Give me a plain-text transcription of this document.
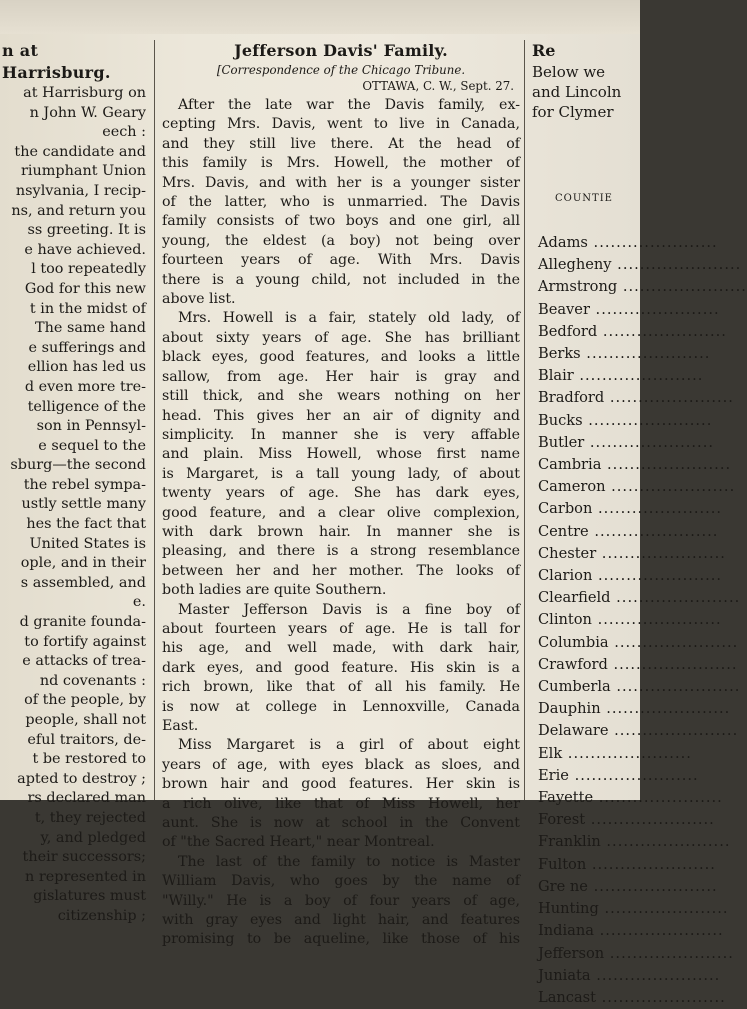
n at Harrisburg.
at Harrisburg on
n John W. Geary
eech :
the candidate and
riumphant Union
nsylvania, I recip-
ns, and return you
ss greeting. It is
e have achieved.
l too repeatedly
God for this new
t in the midst of
The same hand
e sufferings and
ellion has led us
d even more tre-
telligence of the
son in Pennsyl-
e sequel to the
sburg—the second
the rebel sympa-
ustly settle many
hes the fact that
United States is
ople, and in their
s assembled, and
e.
d granite founda-
to fortify against
e attacks of trea-
nd covenants :
of the people, by
people, shall not
eful traitors, de-
t be restored to
apted to destroy ;
rs declared man
t, they rejected
y, and pledged
their successors;
n represented in
gislatures must
citizenship ;
Jefferson Davis' Family.
[Correspondence of the Chicago Tribune.
OTTAWA, C. W., Sept. 27.
After the late war the Davis family, ex-
cepting Mrs. Davis, went to live in Canada,
and they still live there. At the head of
this family is Mrs. Howell, the mother of
Mrs. Davis, and with her is a younger sister
of the latter, who is unmarried. The Davis
family consists of two boys and one girl, all
young, the eldest (a boy) not being over
fourteen years of age. With Mrs. Davis
there is a young child, not included in the
above list.
Mrs. Howell is a fair, stately old lady, of
about sixty years of age. She has brilliant
black eyes, good features, and looks a little
sallow, from age. Her hair is gray and
still thick, and she wears nothing on her
head. This gives her an air of dignity and
simplicity. In manner she is very affable
and plain. Miss Howell, whose first name
is Margaret, is a tall young lady, of about
twenty years of age. She has dark eyes,
good feature, and a clear olive complexion,
with dark brown hair. In manner she is
pleasing, and there is a strong resemblance
between her and her mother. The looks of
both ladies are quite Southern.
Master Jefferson Davis is a fine boy of
about fourteen years of age. He is tall for
his age, and well made, with dark hair,
dark eyes, and good feature. His skin is a
rich brown, like that of all his family. He
is now at college in Lennoxville, Canada
East.
Miss Margaret is a girl of about eight
years of age, with eyes black as sloes, and
brown hair and good features. Her skin is
a rich olive, like that of Miss Howell, her
aunt. She is now at school in the Convent
of "the Sacred Heart," near Montreal.
The last of the family to notice is Master
William Davis, who goes by the name of
"Willy." He is a boy of four years of age,
with gray eyes and light hair, and features
promising to be aqueline, like those of his
Re
Below we
and Lincoln
for Clymer
COUNTIE
Adams .....
Allegheny .....
Armstrong .....
Beaver .....
Bedford .....
Berks .....
Blair .....
Bradford .....
Bucks .....
Butler .....
Cambria .....
Cameron .....
Carbon .....
Centre .....
Chester .....
Clarion .....
Clearfield .....
Clinton .....
Columbia .....
Crawford .....
Cumberla .....
Dauphin .....
Delaware .....
Elk .....
Erie .....
Fayette .....
Forest .....
Franklin .....
Fulton .....
Gre ne .....
Hunting .....
Indiana .....
Jefferson .....
Juniata .....
Lancast .....
